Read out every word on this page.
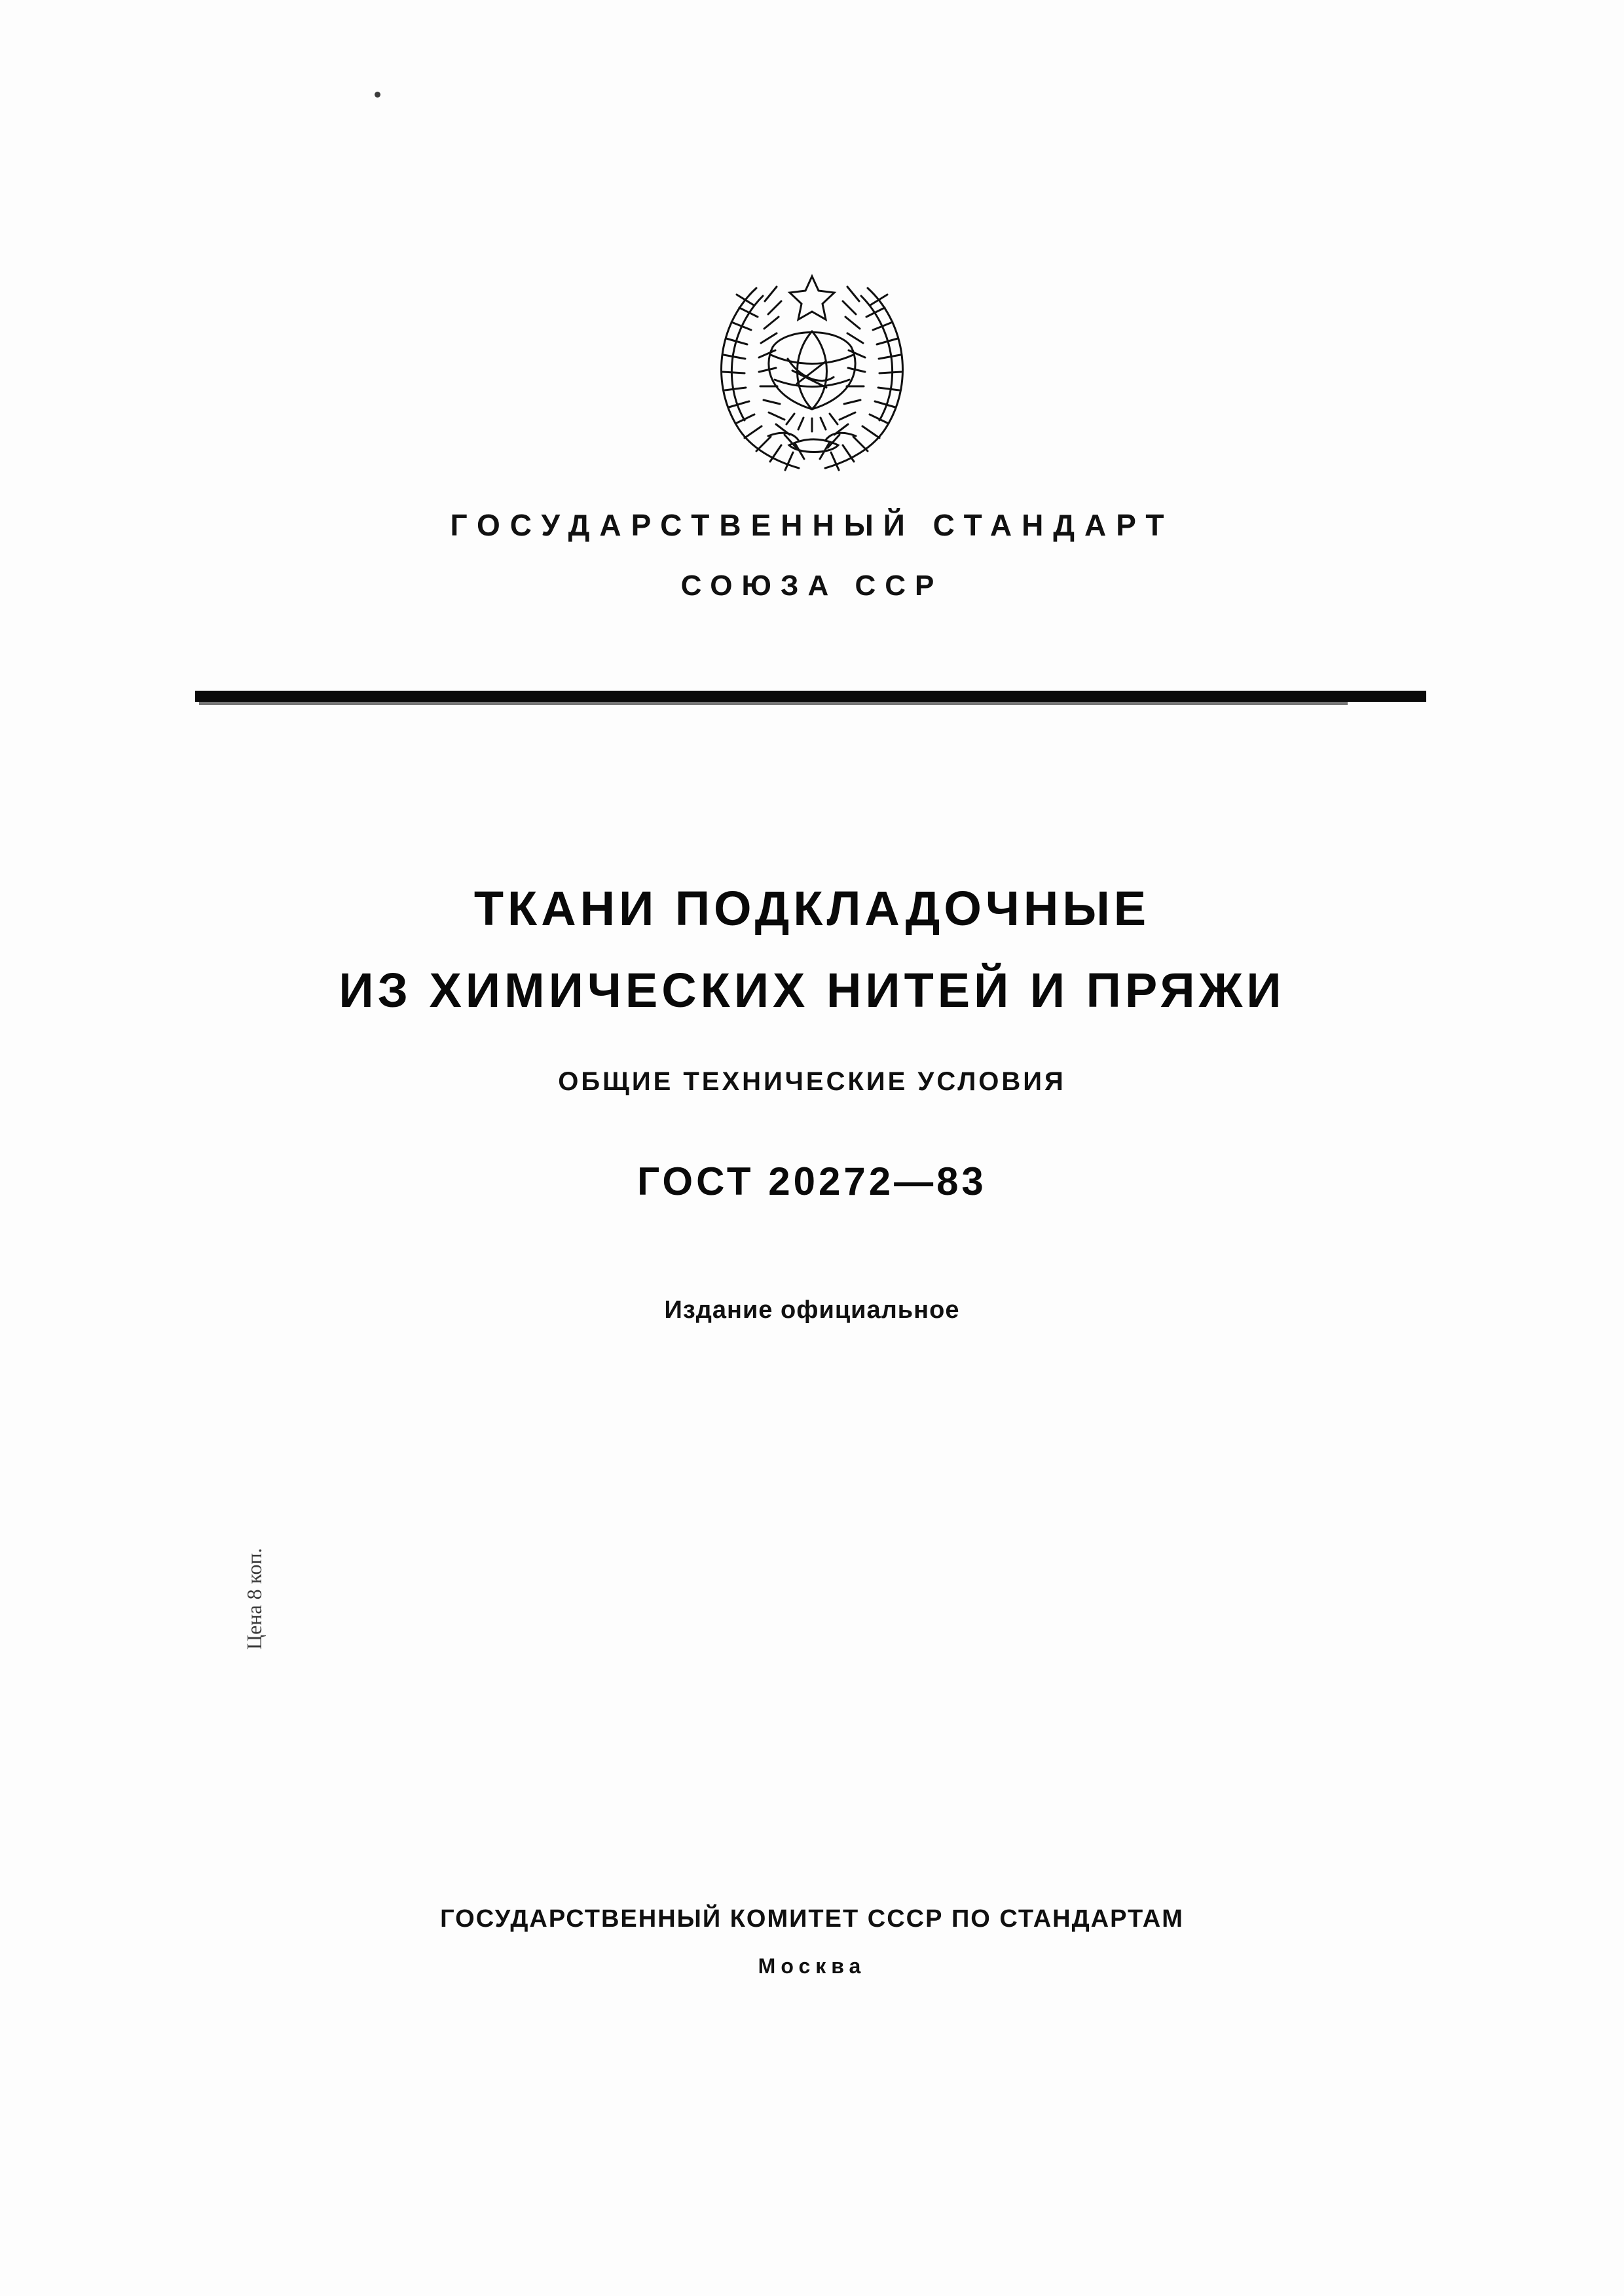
ГОСУДАРСТВЕННЫЙ СТАНДАРТ
СОЮЗА ССР
ТКАНИ ПОДКЛАДОЧНЫЕ
ИЗ ХИМИЧЕСКИХ НИТЕЙ И ПРЯЖИ
ОБЩИЕ ТЕХНИЧЕСКИЕ УСЛОВИЯ
ГОСТ 20272—83
Издание официальное
Цена 8 коп.
ГОСУДАРСТВЕННЫЙ КОМИТЕТ СССР ПО СТАНДАРТАМ
Москва
